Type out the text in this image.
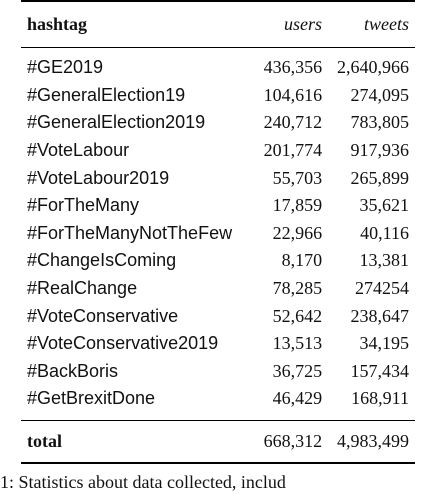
hashtag	users	tweets
#GE2019	436,356	2,640,966
#GeneralElection19	104,616	274,095
#GeneralElection2019	240,712	783,805
#VoteLabour	201,774	917,936
#VoteLabour2019	55,703	265,899
#ForTheMany	17,859	35,621
#ForTheManyNotTheFew	22,966	40,116
#ChangeIsComing	8,170	13,381
#RealChange	78,285	274254
#VoteConservative	52,642	238,647
#VoteConservative2019	13,513	34,195
#BackBoris	36,725	157,434
#GetBrexitDone	46,429	168,911
total	668,312	4,983,499

1: Statistics about data collected, includ
